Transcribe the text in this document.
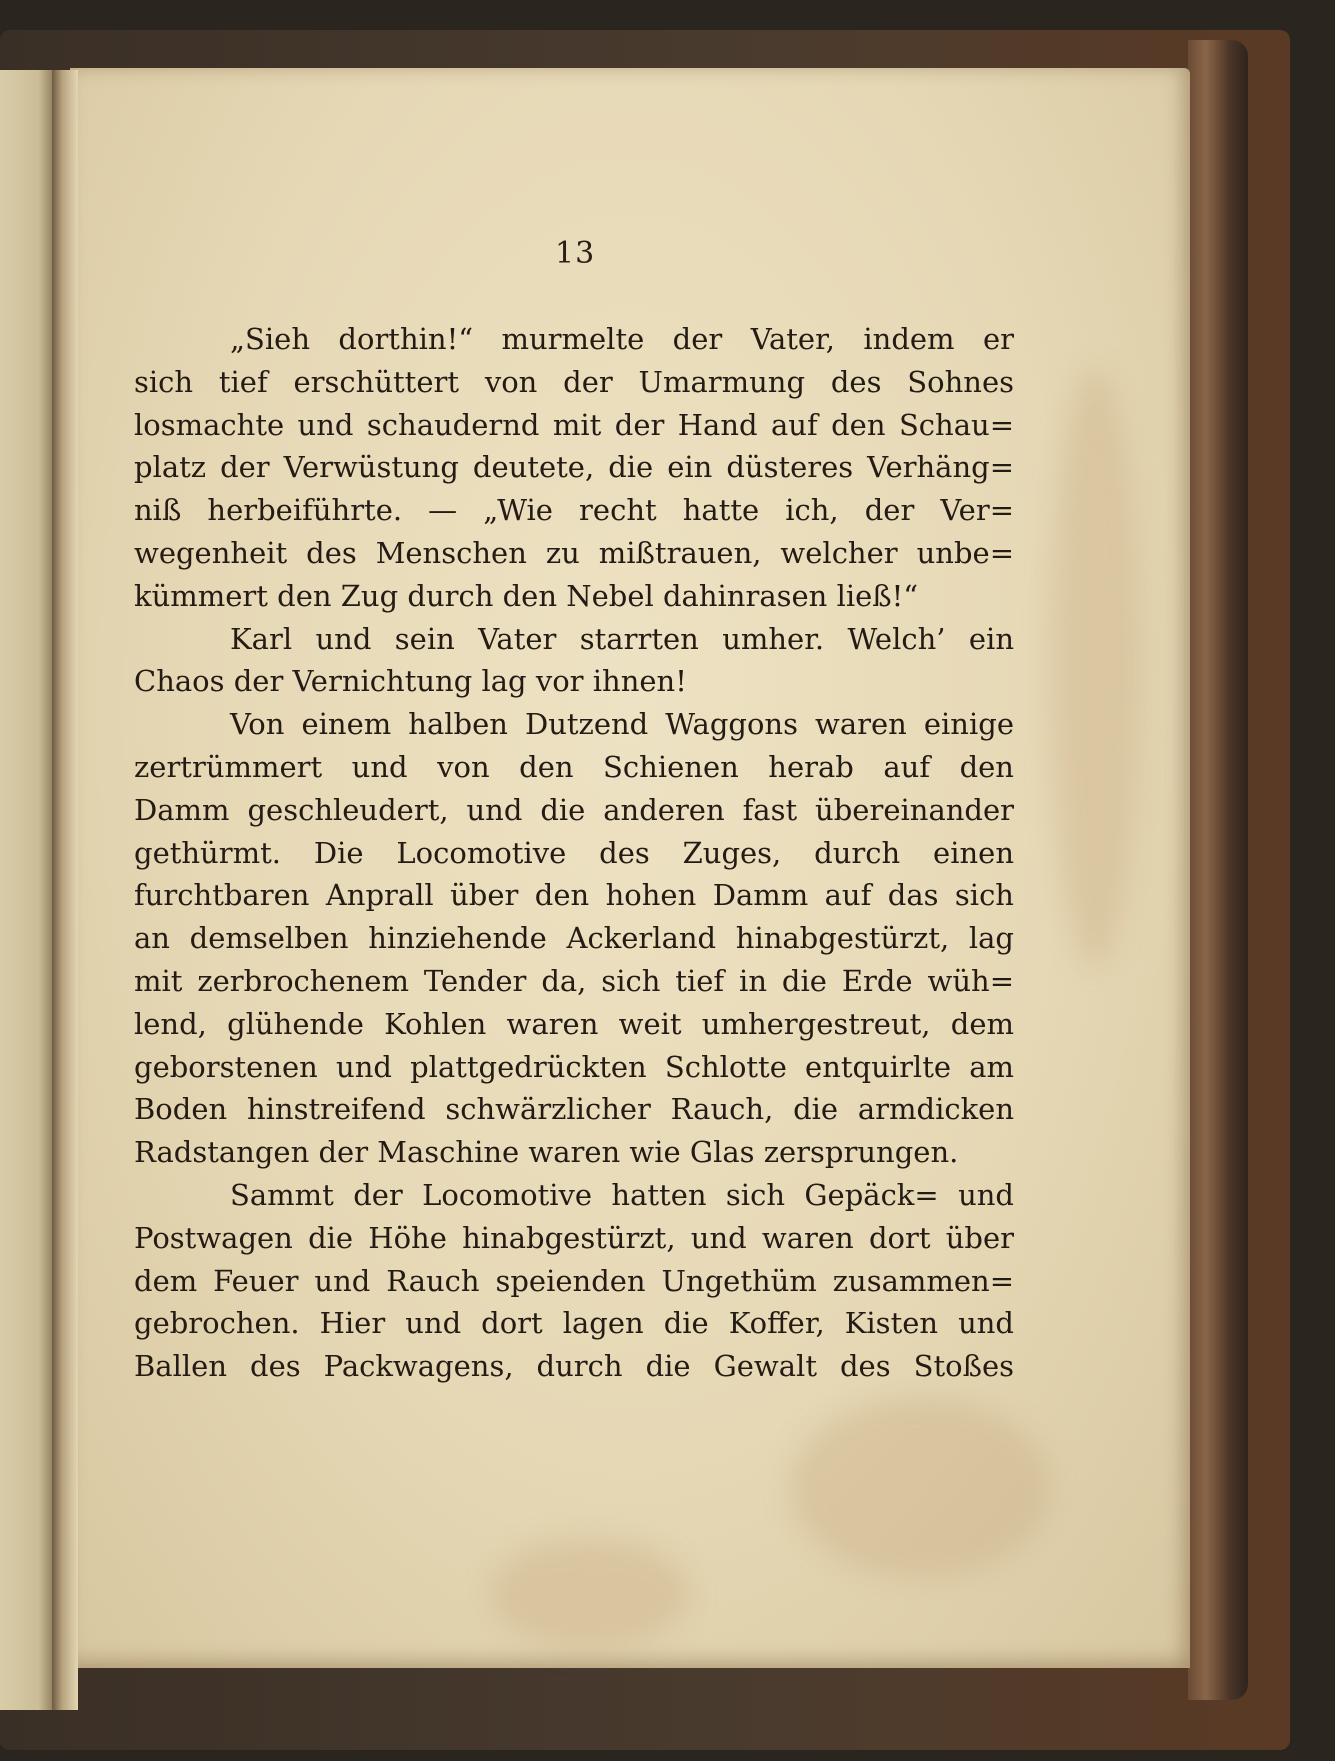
13
„Sieh dorthin!“ murmelte der Vater, indem er
sich tief erschüttert von der Umarmung des Sohnes
losmachte und schaudernd mit der Hand auf den Schau=
platz der Verwüstung deutete, die ein düsteres Verhäng=
niß herbeiführte. — „Wie recht hatte ich, der Ver=
wegenheit des Menschen zu mißtrauen, welcher unbe=
kümmert den Zug durch den Nebel dahinrasen ließ!“
Karl und sein Vater starrten umher. Welch’ ein
Chaos der Vernichtung lag vor ihnen!
Von einem halben Dutzend Waggons waren einige
zertrümmert und von den Schienen herab auf den
Damm geschleudert, und die anderen fast übereinander
gethürmt. Die Locomotive des Zuges, durch einen
furchtbaren Anprall über den hohen Damm auf das sich
an demselben hinziehende Ackerland hinabgestürzt, lag
mit zerbrochenem Tender da, sich tief in die Erde wüh=
lend, glühende Kohlen waren weit umhergestreut, dem
geborstenen und plattgedrückten Schlotte entquirlte am
Boden hinstreifend schwärzlicher Rauch, die armdicken
Radstangen der Maschine waren wie Glas zersprungen.
Sammt der Locomotive hatten sich Gepäck= und
Postwagen die Höhe hinabgestürzt, und waren dort über
dem Feuer und Rauch speienden Ungethüm zusammen=
gebrochen. Hier und dort lagen die Koffer, Kisten und
Ballen des Packwagens, durch die Gewalt des Stoßes
